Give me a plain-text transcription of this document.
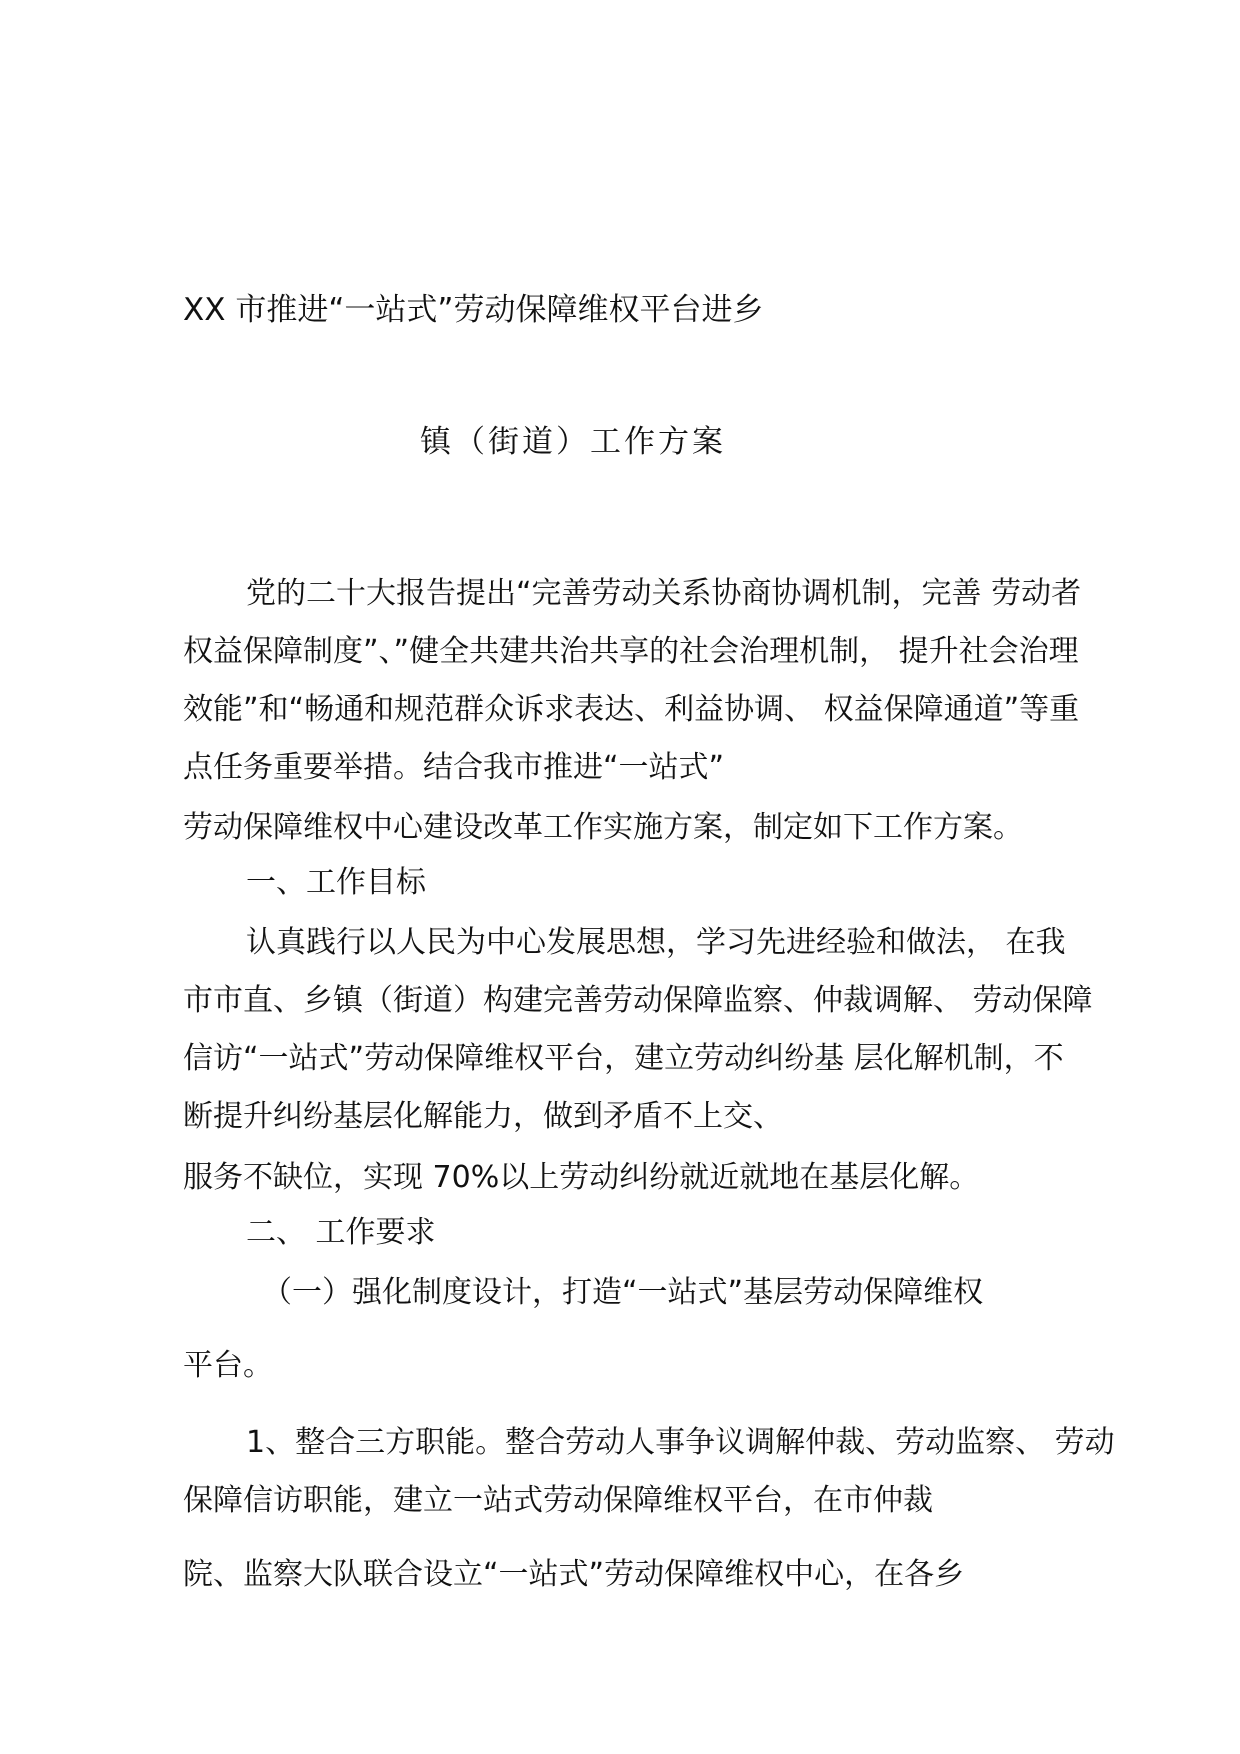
XX 市推进“一站式”劳动保障维权平台进乡
镇（街道）工作方案
党的二十大报告提出“完善劳动关系协商协调机制，完善 劳动者
权益保障制度”、”健全共建共治共享的社会治理机制， 提升社会治理
效能”和“畅通和规范群众诉求表达、利益协调、 权益保障通道”等重
点任务重要举措。结合我市推进“一站式”
劳动保障维权中心建设改革工作实施方案，制定如下工作方案。
一、工作目标
认真践行以人民为中心发展思想，学习先进经验和做法， 在我
市市直、乡镇（街道）构建完善劳动保障监察、仲裁调解、 劳动保障
信访“一站式”劳动保障维权平台，建立劳动纠纷基 层化解机制，不
断提升纠纷基层化解能力，做到矛盾不上交、
服务不缺位，实现 70%以上劳动纠纷就近就地在基层化解。
二、 工作要求
（一）强化制度设计，打造“一站式”基层劳动保障维权
平台。
1、整合三方职能。整合劳动人事争议调解仲裁、劳动监察、 劳动
保障信访职能，建立一站式劳动保障维权平台，在市仲裁
院、监察大队联合设立“一站式”劳动保障维权中心，在各乡
